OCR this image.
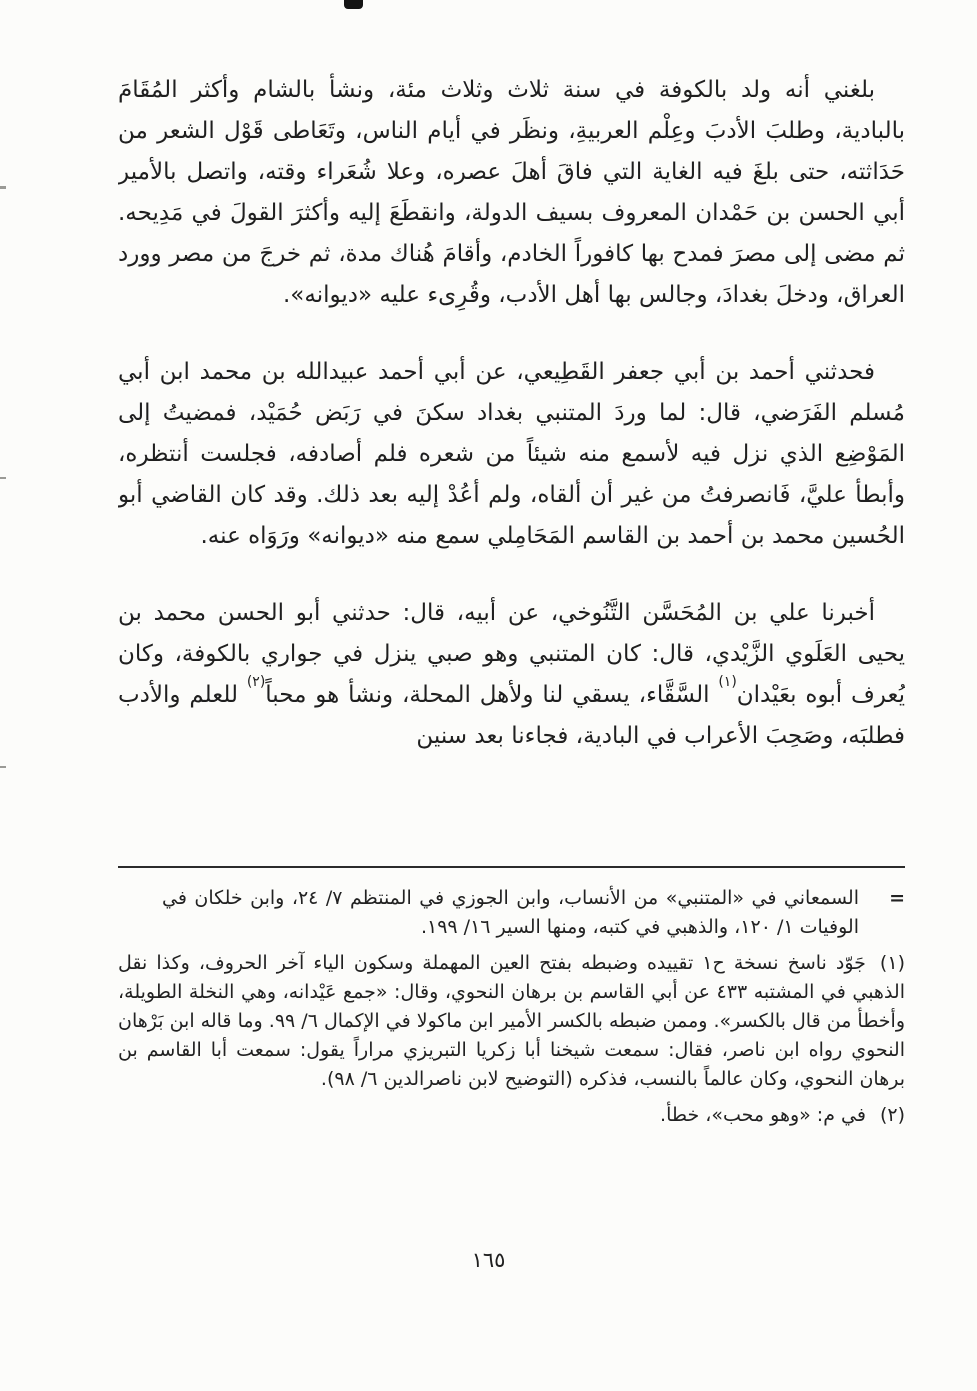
بلغني أنه ولد بالكوفة في سنة ثلاث وثلاث مئة، ونشأ بالشام وأكثر المُقَامَ بالبادية، وطلبَ الأدبَ وعِلْم العربيةِ، ونظَر في أيام الناس، وتَعَاطى قَوْل الشعر من حَدَاثته، حتى بلغَ فيه الغاية التي فاقَ أهلَ عصره، وعلا شُعَراء وقته، واتصل بالأمير أبي الحسن بن حَمْدان المعروف بسيف الدولة، وانقطَعَ إليه وأكثرَ القولَ في مَدِيحه. ثم مضى إلى مصرَ فمدح بها كافوراً الخادم، وأقامَ هُناك مدة، ثم خرجَ من مصر وورد العراق، ودخلَ بغدادَ، وجالس بها أهل الأدب، وقُرِىء عليه «ديوانه».

فحدثني أحمد بن أبي جعفر القَطِيعي، عن أبي أحمد عبيدالله بن محمد ابن أبي مُسلم الفَرَضي، قال: لما وردَ المتنبي بغداد سكنَ في رَبَض حُمَيْد، فمضيتُ إلى المَوْضِع الذي نزل فيه لأسمع منه شيئاً من شعره فلم أصادفه، فجلست أنتظره، وأبطأ عليَّ، فَانصرفتُ من غير أن ألقاه، ولم أعُدْ إليه بعد ذلك. وقد كان القاضي أبو الحُسين محمد بن أحمد بن القاسم المَحَامِلي سمع منه «ديوانه» ورَوَاه عنه.

أخبرنا علي بن المُحَسَّن التَّنُوخي، عن أبيه، قال: حدثني أبو الحسن محمد بن يحيى العَلَوي الزَّيْدي، قال: كان المتنبي وهو صبي ينزل في جواري بالكوفة، وكان يُعرف أبوه بعَيْدان$^{(١)}$ السَّقَّاء، يسقي لنا ولأهل المحلة، ونشأ هو محباً$^{(٢)}$ للعلم والأدب فطلبَه، وصَحِبَ الأعراب في البادية، فجاءنا بعد سنين

=
السمعاني في «المتنبي» من الأنساب، وابن الجوزي في المنتظم ٧/ ٢٤، وابن خلكان في الوفيات ١/ ١٢٠، والذهبي في كتبه، ومنها السير ١٦/ ١٩٩.

(١)جَوّد ناسخ نسخة ح١ تقييده وضبطه بفتح العين المهملة وسكون الياء آخر الحروف، وكذا نقل الذهبي في المشتبه ٤٣٣ عن أبي القاسم بن برهان النحوي، وقال: «جمع عَيْدانه، وهي النخلة الطويلة، وأخطأ من قال بالكسر». وممن ضبطه بالكسر الأمير ابن ماكولا في الإكمال ٦/ ٩٩. وما قاله ابن بَرْهان النحوي رواه ابن ناصر، فقال: سمعت شيخنا أبا زكريا التبريزي مراراً يقول: سمعت أبا القاسم بن برهان النحوي، وكان عالماً بالنسب، فذكره (التوضيح لابن ناصرالدين ٦/ ٩٨).

(٢)في م: «وهو محب»، خطأ.

١٦٥
